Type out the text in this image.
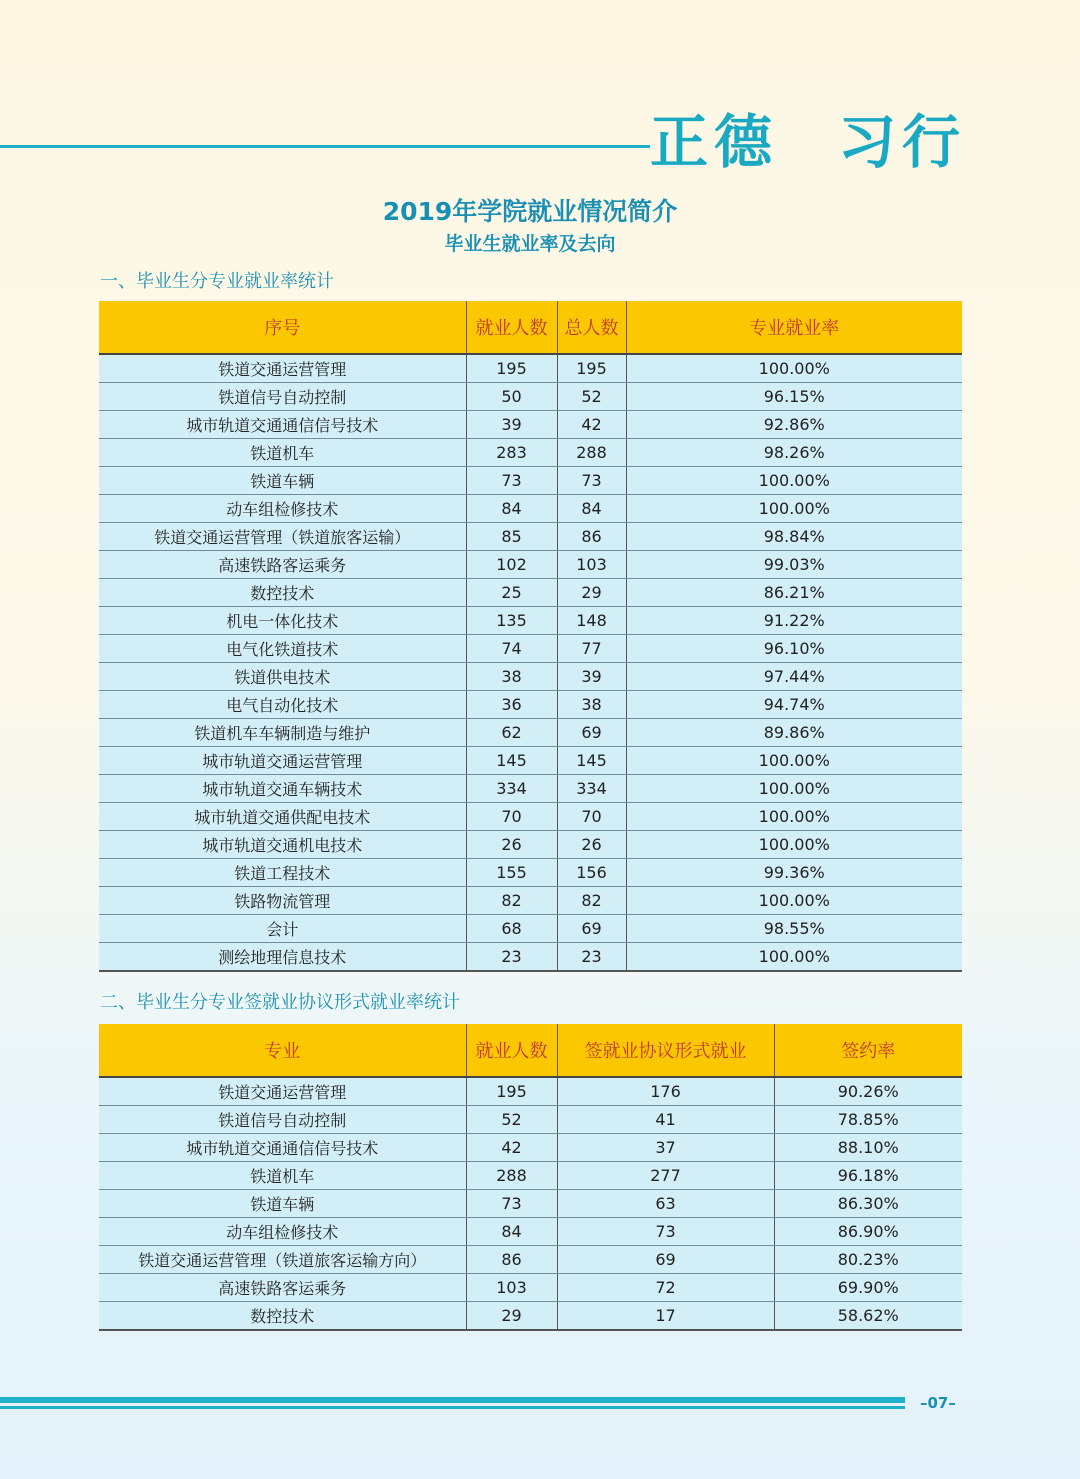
正德 习行
2019年学院就业情况简介
毕业生就业率及去向
一、毕业生分专业就业率统计
序号	就业人数	总人数	专业就业率
铁道交通运营管理	195	195	100.00%
铁道信号自动控制	50	52	96.15%
城市轨道交通通信信号技术	39	42	92.86%
铁道机车	283	288	98.26%
铁道车辆	73	73	100.00%
动车组检修技术	84	84	100.00%
铁道交通运营管理（铁道旅客运输）	85	86	98.84%
高速铁路客运乘务	102	103	99.03%
数控技术	25	29	86.21%
机电一体化技术	135	148	91.22%
电气化铁道技术	74	77	96.10%
铁道供电技术	38	39	97.44%
电气自动化技术	36	38	94.74%
铁道机车车辆制造与维护	62	69	89.86%
城市轨道交通运营管理	145	145	100.00%
城市轨道交通车辆技术	334	334	100.00%
城市轨道交通供配电技术	70	70	100.00%
城市轨道交通机电技术	26	26	100.00%
铁道工程技术	155	156	99.36%
铁路物流管理	82	82	100.00%
会计	68	69	98.55%
测绘地理信息技术	23	23	100.00%
二、毕业生分专业签就业协议形式就业率统计
专业	就业人数	签就业协议形式就业	签约率
铁道交通运营管理	195	176	90.26%
铁道信号自动控制	52	41	78.85%
城市轨道交通通信信号技术	42	37	88.10%
铁道机车	288	277	96.18%
铁道车辆	73	63	86.30%
动车组检修技术	84	73	86.90%
铁道交通运营管理（铁道旅客运输方向）	86	69	80.23%
高速铁路客运乘务	103	72	69.90%
数控技术	29	17	58.62%
–07–
